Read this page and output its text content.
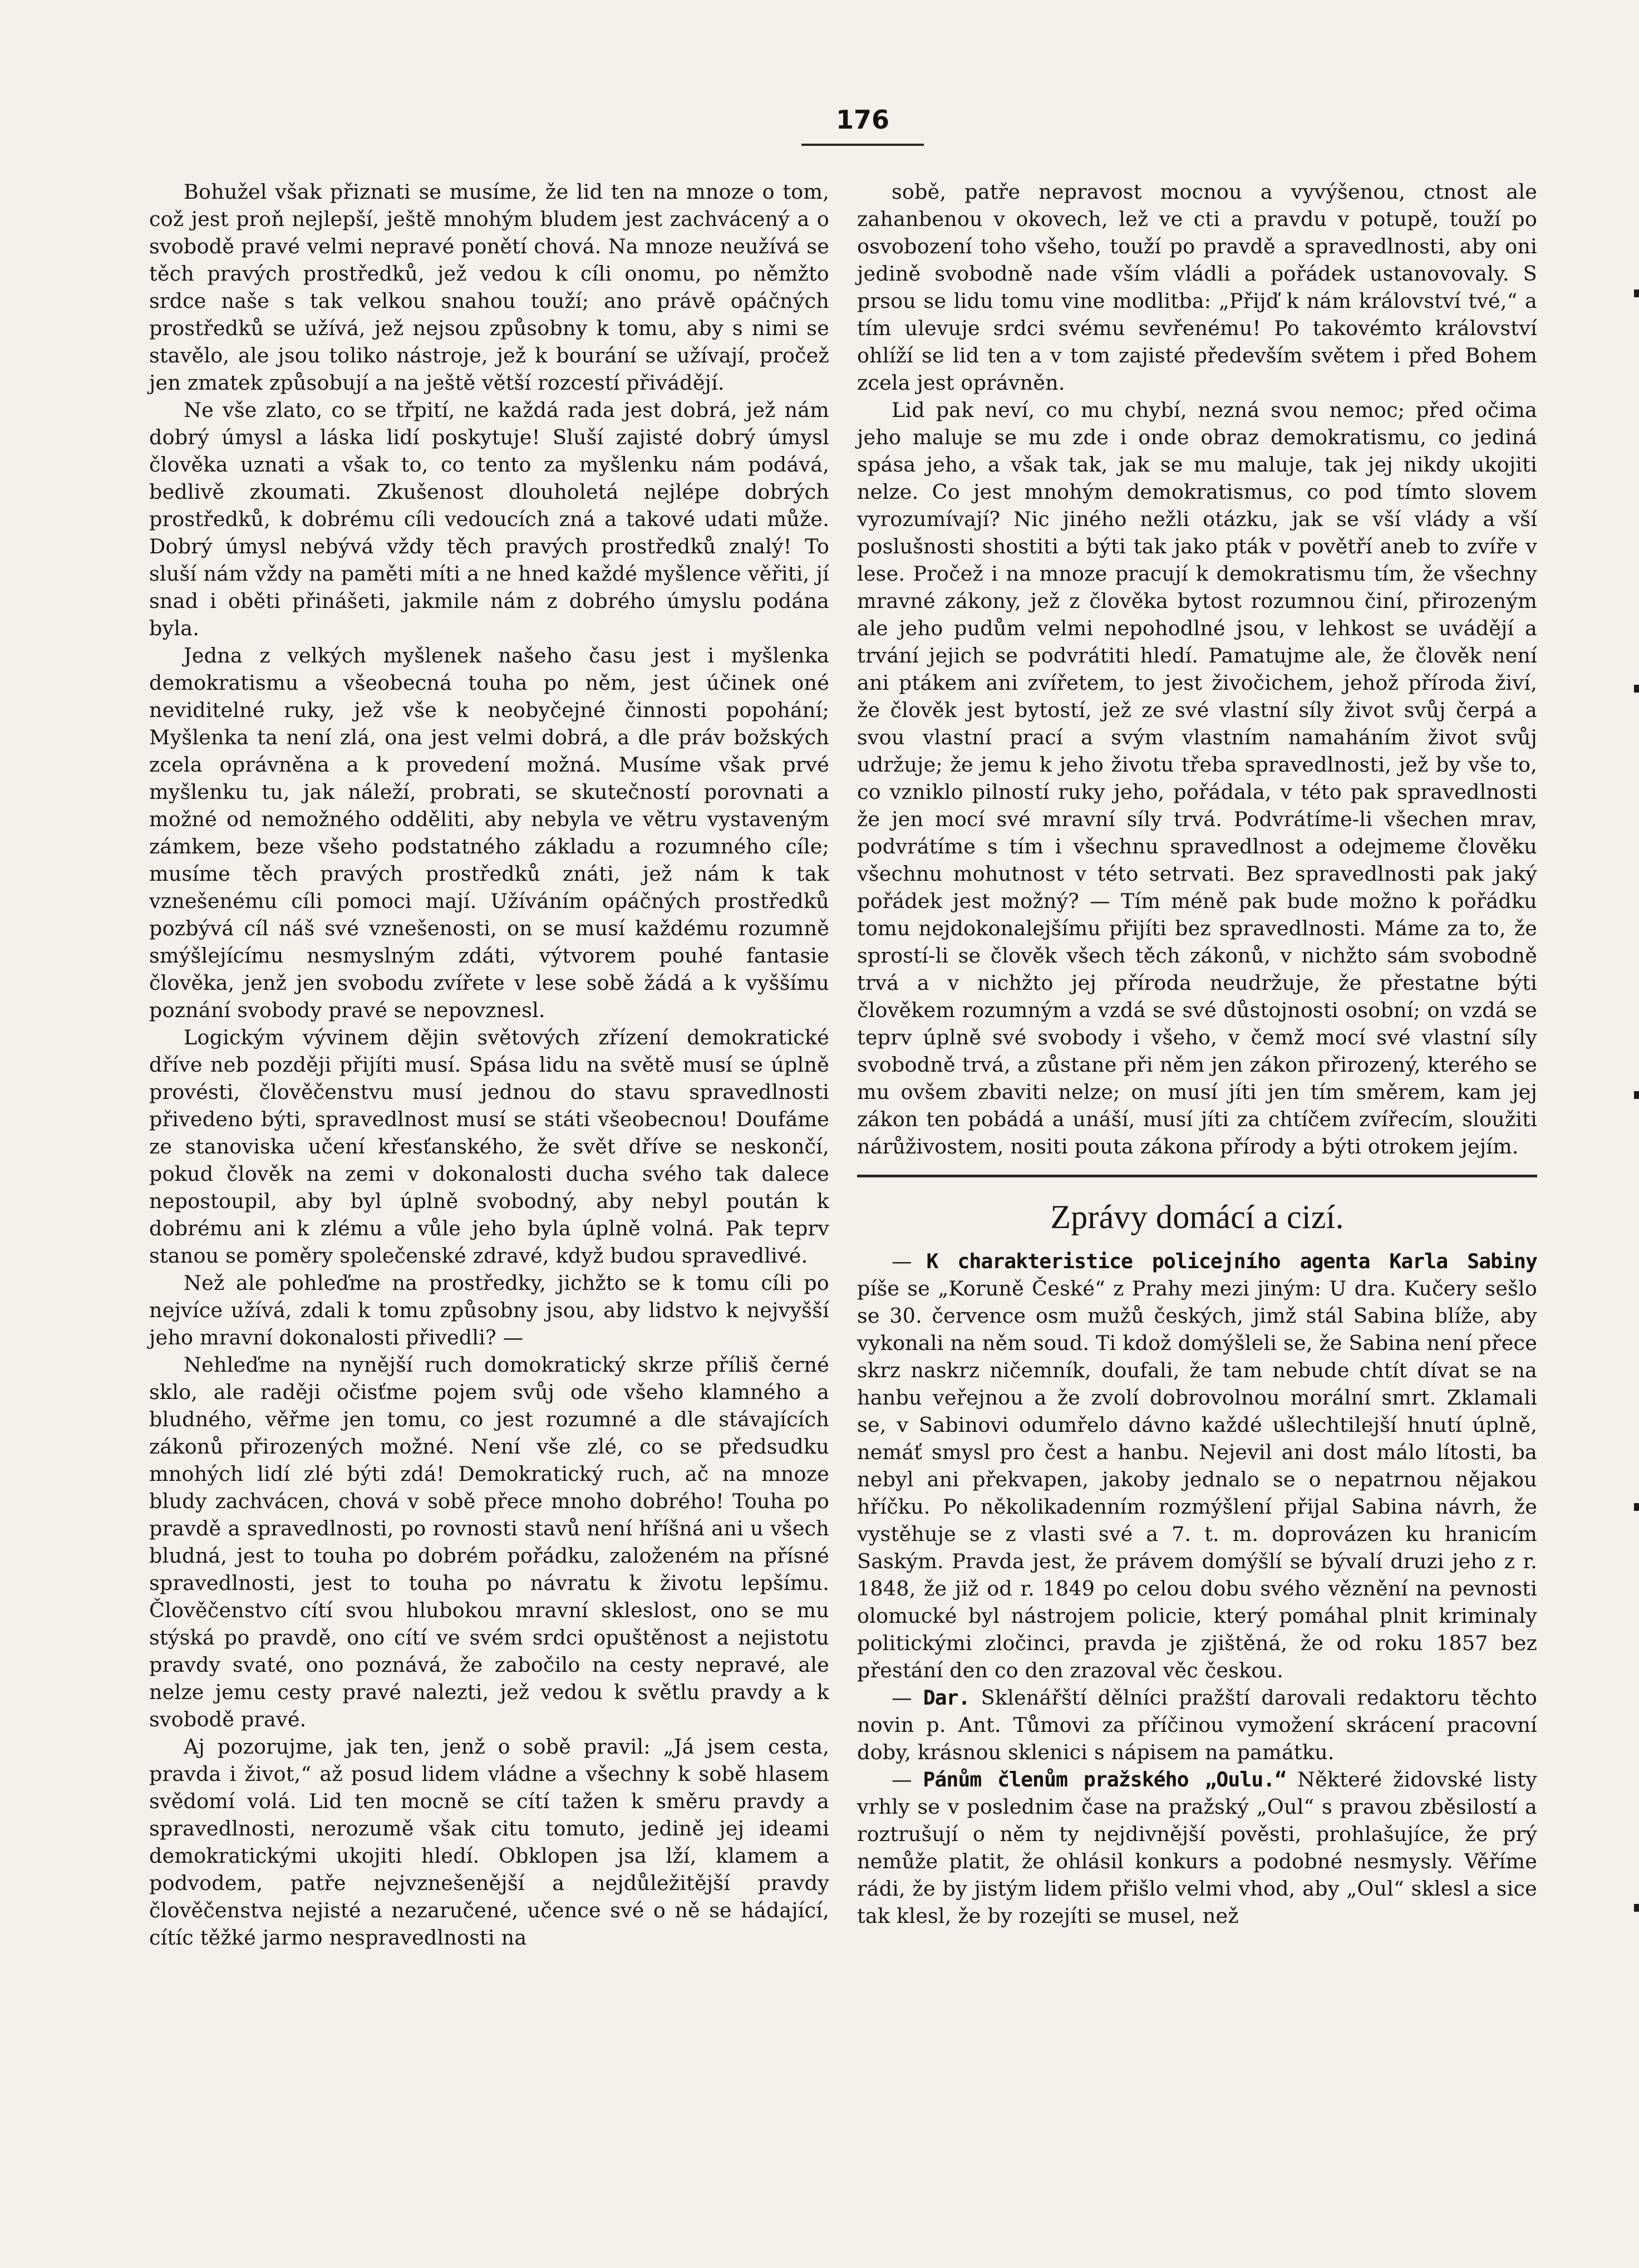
176

Bohužel však přiznati se musíme, že lid ten na mnoze o tom, což jest proň nejlepší, ještě mnohým bludem jest zachvácený a o svobodě pravé velmi nepravé ponětí chová. Na mnoze neužívá se těch pravých prostředků, jež vedou k cíli onomu, po němžto srdce naše s tak velkou snahou touží; ano právě opáčných prostředků se užívá, jež nejsou způsobny k tomu, aby s nimi se stavělo, ale jsou toliko nástroje, jež k bourání se užívají, pročež jen zmatek způsobují a na ještě větší rozcestí přivádějí.

Ne vše zlato, co se třpití, ne každá rada jest dobrá, jež nám dobrý úmysl a láska lidí poskytuje! Sluší zajisté dobrý úmysl člověka uznati a však to, co tento za myšlenku nám podává, bedlivě zkoumati. Zkušenost dlouholetá nejlépe dobrých prostředků, k dobrému cíli vedoucích zná a takové udati může. Dobrý úmysl nebývá vždy těch pravých prostředků znalý! To sluší nám vždy na paměti míti a ne hned každé myšlence věřiti, jí snad i oběti přinášeti, jakmile nám z dobrého úmyslu podána byla.

Jedna z velkých myšlenek našeho času jest i myšlenka demokratismu a všeobecná touha po něm, jest účinek oné neviditelné ruky, jež vše k neobyčejné činnosti popohání; Myšlenka ta není zlá, ona jest velmi dobrá, a dle práv božských zcela oprávněna a k provedení možná. Musíme však prvé myšlenku tu, jak náleží, probrati, se skutečností porovnati a možné od nemožného odděliti, aby nebyla ve větru vystaveným zámkem, beze všeho podstatného základu a rozumného cíle; musíme těch pravých prostředků znáti, jež nám k tak vznešenému cíli pomoci mají. Užíváním opáčných prostředků pozbývá cíl náš své vznešenosti, on se musí každému rozumně smýšlejícímu nesmyslným zdáti, výtvorem pouhé fantasie člověka, jenž jen svobodu zvířete v lese sobě žádá a k vyššímu poznání svobody pravé se nepovznesl.

Logickým vývinem dějin světových zřízení demokratické dříve neb později přijíti musí. Spása lidu na světě musí se úplně provésti, člověčenstvu musí jednou do stavu spravedlnosti přivedeno býti, spravedlnost musí se státi všeobecnou! Doufáme ze stanoviska učení křesťanského, že svět dříve se neskončí, pokud člověk na zemi v dokonalosti ducha svého tak dalece nepostoupil, aby byl úplně svobodný, aby nebyl poután k dobrému ani k zlému a vůle jeho byla úplně volná. Pak teprv stanou se poměry společenské zdravé, když budou spravedlivé.

Než ale pohleďme na prostředky, jichžto se k tomu cíli po nejvíce užívá, zdali k tomu způsobny jsou, aby lidstvo k nejvyšší jeho mravní dokonalosti přivedli? —

Nehleďme na nynější ruch domokratický skrze příliš černé sklo, ale raději očisťme pojem svůj ode všeho klamného a bludného, věřme jen tomu, co jest rozumné a dle stávajících zákonů přirozených možné. Není vše zlé, co se předsudku mnohých lidí zlé býti zdá! Demokratický ruch, ač na mnoze bludy zachvácen, chová v sobě přece mnoho dobrého! Touha po pravdě a spravedlnosti, po rovnosti stavů není hříšná ani u všech bludná, jest to touha po dobrém pořádku, založeném na přísné spravedlnosti, jest to touha po návratu k životu lepšímu. Člověčenstvo cítí svou hlubokou mravní skleslost, ono se mu stýská po pravdě, ono cítí ve svém srdci opuštěnost a nejistotu pravdy svaté, ono poznává, že zabočilo na cesty nepravé, ale nelze jemu cesty pravé nalezti, jež vedou k světlu pravdy a k svobodě pravé.

Aj pozorujme, jak ten, jenž o sobě pravil: „Já jsem cesta, pravda i život,“ až posud lidem vládne a všechny k sobě hlasem svědomí volá. Lid ten mocně se cítí tažen k směru pravdy a spravedlnosti, nerozumě však citu tomuto, jedině jej ideami demokratickými ukojiti hledí. Obklopen jsa lží, klamem a podvodem, patře nejvznešenější a nejdůležitější pravdy člověčenstva nejisté a nezaručené, učence své o ně se hádající, cítíc těžké jarmo nespravedlnosti na

sobě, patře nepravost mocnou a vyvýšenou, ctnost ale zahanbenou v okovech, lež ve cti a pravdu v potupě, touží po osvobození toho všeho, touží po pravdě a spravedlnosti, aby oni jedině svobodně nade vším vládli a pořádek ustanovovaly. S prsou se lidu tomu vine modlitba: „Přijď k nám království tvé,“ a tím ulevuje srdci svému sevřenému! Po takovémto království ohlíží se lid ten a v tom zajisté především světem i před Bohem zcela jest oprávněn.

Lid pak neví, co mu chybí, nezná svou nemoc; před očima jeho maluje se mu zde i onde obraz demokratismu, co jediná spása jeho, a však tak, jak se mu maluje, tak jej nikdy ukojiti nelze. Co jest mnohým demokratismus, co pod tímto slovem vyrozumívají? Nic jiného nežli otázku, jak se vší vlády a vší poslušnosti shostiti a býti tak jako pták v povětří aneb to zvíře v lese. Pročež i na mnoze pracují k demokratismu tím, že všechny mravné zákony, jež z člověka bytost rozumnou činí, přirozeným ale jeho pudům velmi nepohodlné jsou, v lehkost se uvádějí a trvání jejich se podvrátiti hledí. Pamatujme ale, že člověk není ani ptákem ani zvířetem, to jest živočichem, jehož příroda živí, že člověk jest bytostí, jež ze své vlastní síly život svůj čerpá a svou vlastní prací a svým vlastním namaháním život svůj udržuje; že jemu k jeho životu třeba spravedlnosti, jež by vše to, co vzniklo pilností ruky jeho, pořádala, v této pak spravedlnosti že jen mocí své mravní síly trvá. Podvrátíme-li všechen mrav, podvrátíme s tím i všechnu spravedlnost a odejmeme člověku všechnu mohutnost v této setrvati. Bez spravedlnosti pak jaký pořádek jest možný? — Tím méně pak bude možno k pořádku tomu nejdokonalejšímu přijíti bez spravedlnosti. Máme za to, že sprostí-li se člověk všech těch zákonů, v nichžto sám svobodně trvá a v nichžto jej příroda neudržuje, že přestatne býti člověkem rozumným a vzdá se své důstojnosti osobní; on vzdá se teprv úplně své svobody i všeho, v čemž mocí své vlastní síly svobodně trvá, a zůstane při něm jen zákon přirozený, kterého se mu ovšem zbaviti nelze; on musí jíti jen tím směrem, kam jej zákon ten pobádá a unáší, musí jíti za chtíčem zvířecím, sloužiti nárůživostem, nositi pouta zákona přírody a býti otrokem jejím.

Zprávy domácí a cizí.

— K charakteristice policejního agenta Karla Sabiny píše se „Koruně České“ z Prahy mezi jiným: U dra. Kučery sešlo se 30. července osm mužů českých, jimž stál Sabina blíže, aby vykonali na něm soud. Ti kdož domýšleli se, že Sabina není přece skrz naskrz ničemník, doufali, že tam nebude chtít dívat se na hanbu veřejnou a že zvolí dobrovolnou morální smrt. Zklamali se, v Sabinovi odumřelo dávno každé ušlechtilejší hnutí úplně, nemáť smysl pro čest a hanbu. Nejevil ani dost málo lítosti, ba nebyl ani překvapen, jakoby jednalo se o nepatrnou nějakou hříčku. Po několikadenním rozmýšlení přijal Sabina návrh, že vystěhuje se z vlasti své a 7. t. m. doprovázen ku hranicím Saským. Pravda jest, že právem domýšlí se bývalí druzi jeho z r. 1848, že již od r. 1849 po celou dobu svého věznění na pevnosti olomucké byl nástrojem policie, který pomáhal plnit kriminaly politickými zločinci, pravda je zjištěná, že od roku 1857 bez přestání den co den zrazoval věc českou.

— Dar. Sklenářští dělníci pražští darovali redaktoru těchto novin p. Ant. Tůmovi za příčinou vymožení skrácení pracovní doby, krásnou sklenici s nápisem na památku.

— Pánům členům pražského „Oulu.“ Některé židovské listy vrhly se v poslednim čase na pražský „Oul“ s pravou zběsilostí a roztrušují o něm ty nejdivnější pověsti, prohlašujíce, že prý nemůže platit, že ohlásil konkurs a podobné nesmysly. Věříme rádi, že by jistým lidem přišlo velmi vhod, aby „Oul“ sklesl a sice tak klesl, že by rozejíti se musel, než
